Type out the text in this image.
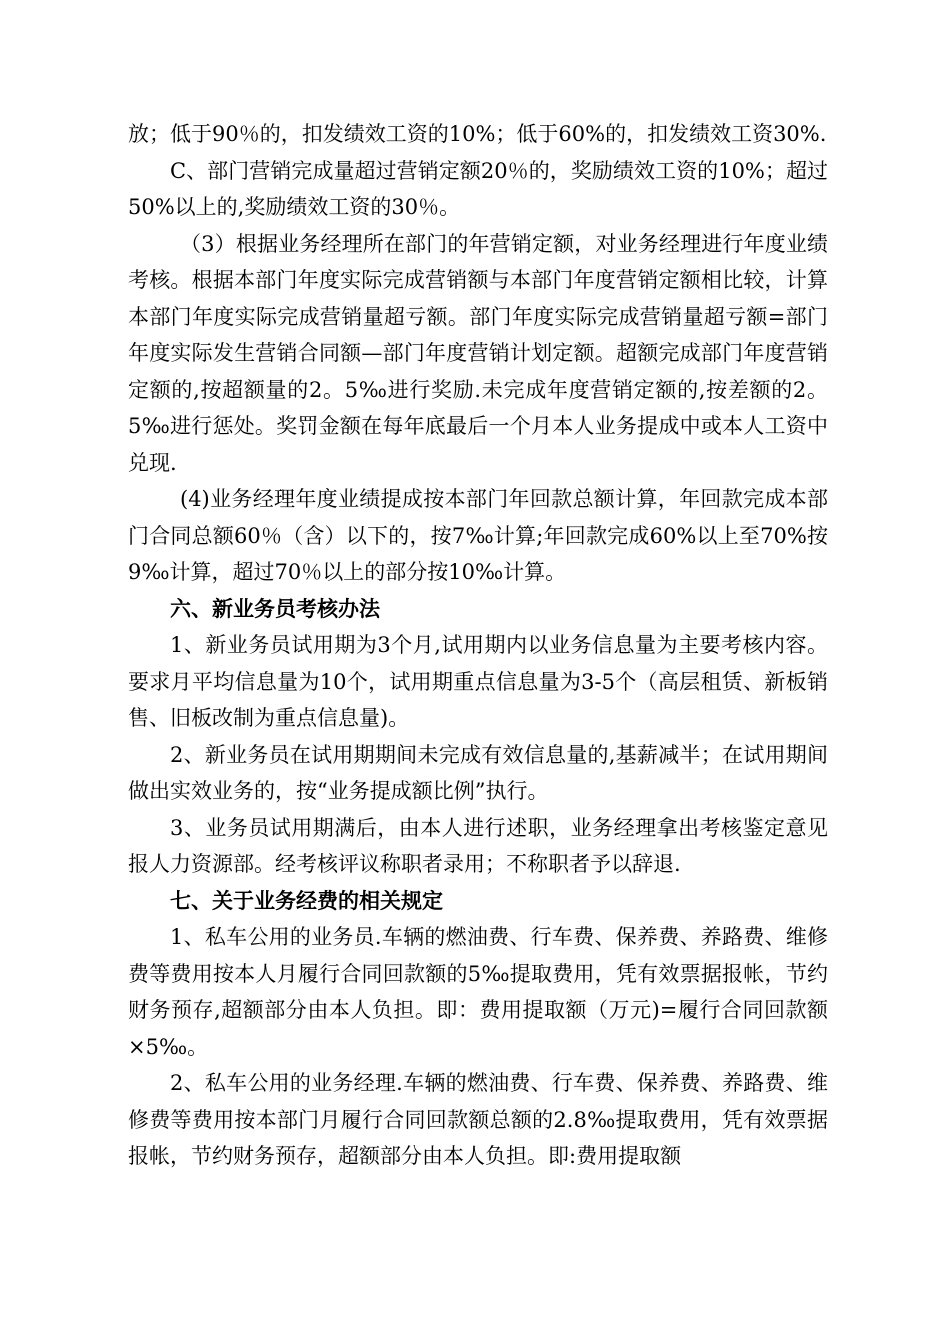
放；低于90％的，扣发绩效工资的10%；低于60%的，扣发绩效工资30%.

C、部门营销完成量超过营销定额20％的，奖励绩效工资的10%；超过50%以上的,奖励绩效工资的30％。

（3）根据业务经理所在部门的年营销定额，对业务经理进行年度业绩考核。根据本部门年度实际完成营销额与本部门年度营销定额相比较，计算本部门年度实际完成营销量超亏额。部门年度实际完成营销量超亏额=部门年度实际发生营销合同额—部门年度营销计划定额。超额完成部门年度营销定额的,按超额量的2。5‰进行奖励.未完成年度营销定额的,按差额的2。5‰进行惩处。奖罚金额在每年底最后一个月本人业务提成中或本人工资中兑现.

(4)业务经理年度业绩提成按本部门年回款总额计算，年回款完成本部门合同总额60％（含）以下的，按7‰计算;年回款完成60%以上至70%按9‰计算，超过70％以上的部分按10‰计算。

六、新业务员考核办法

1、新业务员试用期为3个月,试用期内以业务信息量为主要考核内容。要求月平均信息量为10个，试用期重点信息量为3-5个（高层租赁、新板销售、旧板改制为重点信息量)。

2、新业务员在试用期期间未完成有效信息量的,基薪减半；在试用期间做出实效业务的，按“业务提成额比例”执行。

3、业务员试用期满后，由本人进行述职，业务经理拿出考核鉴定意见报人力资源部。经考核评议称职者录用；不称职者予以辞退.

七、关于业务经费的相关规定

1、私车公用的业务员.车辆的燃油费、行车费、保养费、养路费、维修费等费用按本人月履行合同回款额的5‰提取费用，凭有效票据报帐，节约财务预存,超额部分由本人负担。即：费用提取额（万元)=履行合同回款额×5‰。

2、私车公用的业务经理.车辆的燃油费、行车费、保养费、养路费、维修费等费用按本部门月履行合同回款额总额的2.8‰提取费用，凭有效票据报帐，节约财务预存，超额部分由本人负担。即:费用提取额
